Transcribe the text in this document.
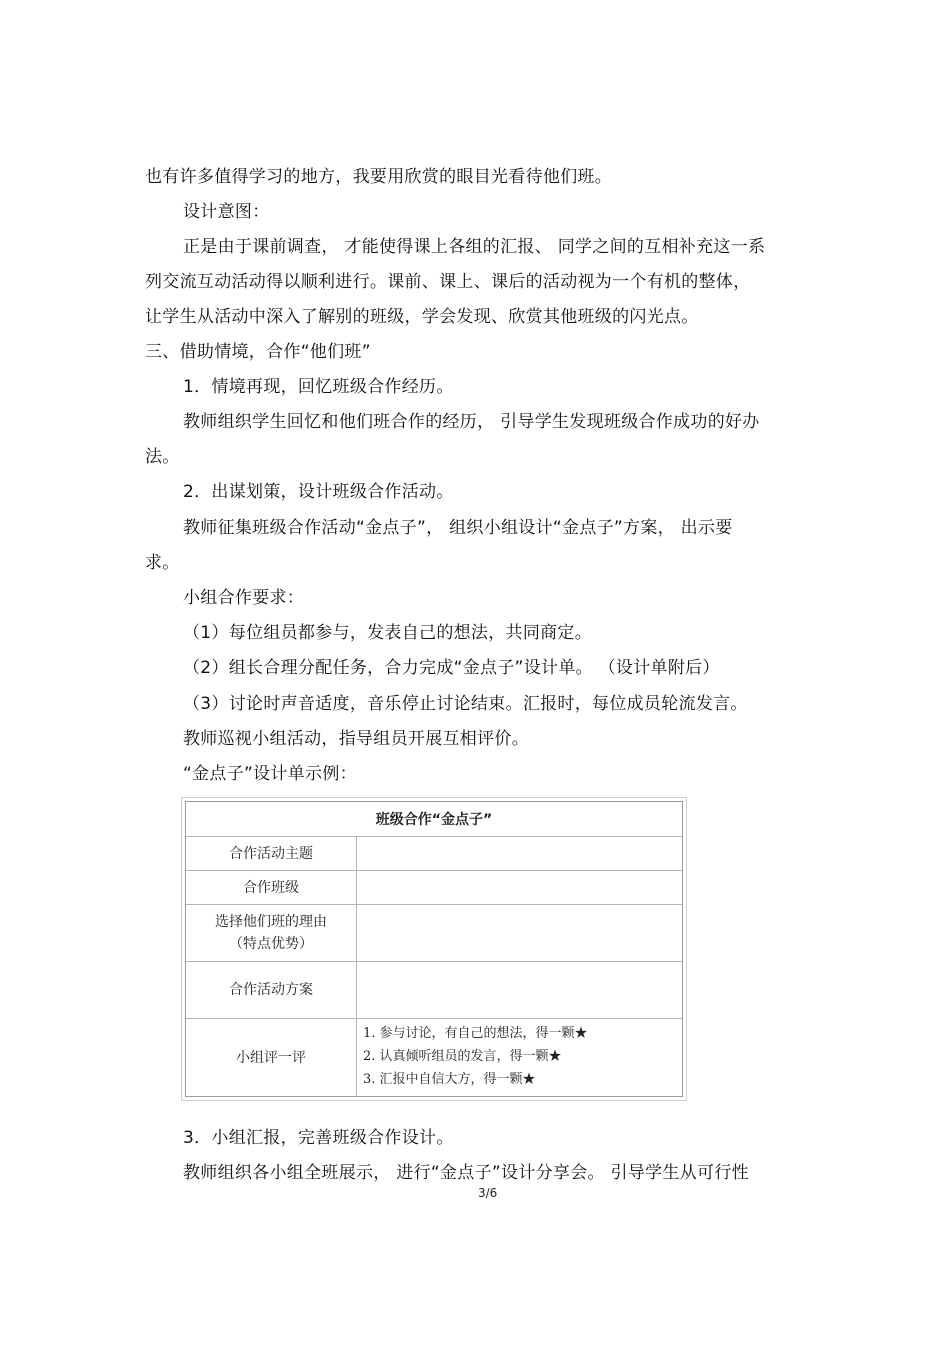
也有许多值得学习的地方，我要用欣赏的眼目光看待他们班。
设计意图：
正是由于课前调查， 才能使得课上各组的汇报、 同学之间的互相补充这一系
列交流互动活动得以顺利进行。课前、课上、课后的活动视为一个有机的整体，
让学生从活动中深入了解别的班级，学会发现、欣赏其他班级的闪光点。
三、借助情境，合作“他们班”
1．情境再现，回忆班级合作经历。
教师组织学生回忆和他们班合作的经历， 引导学生发现班级合作成功的好办
法。
2．出谋划策，设计班级合作活动。
教师征集班级合作活动“金点子”， 组织小组设计“金点子”方案， 出示要
求。
小组合作要求：
（1）每位组员都参与，发表自己的想法，共同商定。
（2）组长合理分配任务，合力完成“金点子”设计单。 （设计单附后）
（3）讨论时声音适度，音乐停止讨论结束。汇报时，每位成员轮流发言。
教师巡视小组活动，指导组员开展互相评价。
“金点子”设计单示例：
班级合作“金点子”
合作活动主题
合作班级
选择他们班的理由
（特点优势）
合作活动方案
小组评一评
1. 参与讨论，有自己的想法，得一颗★
2. 认真倾听组员的发言，得一颗★
3. 汇报中自信大方，得一颗★
3．小组汇报，完善班级合作设计。
教师组织各小组全班展示， 进行“金点子”设计分享会。 引导学生从可行性
3/6
